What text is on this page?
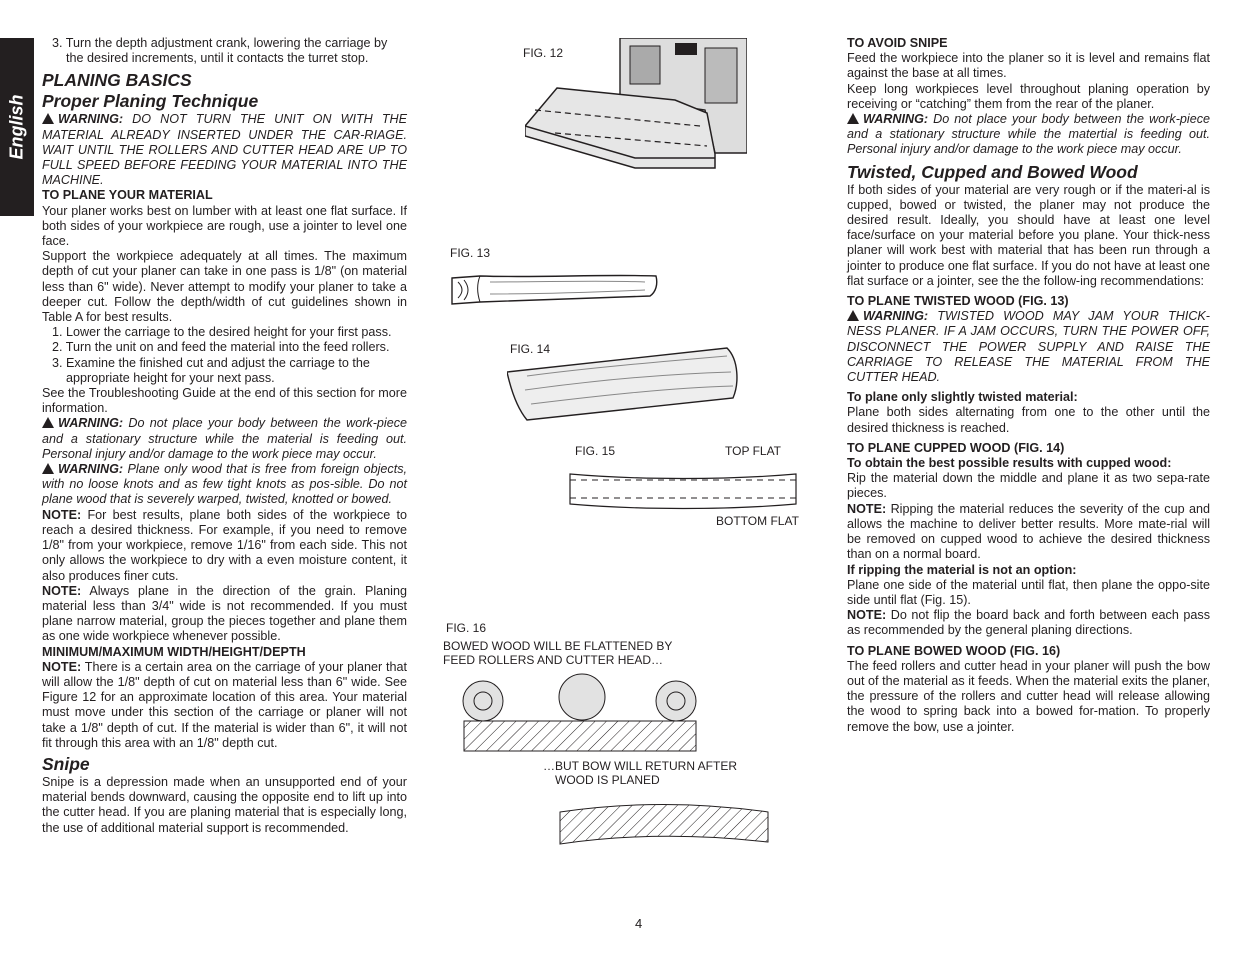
English

3. Turn the depth adjustment crank, lowering the carriage by the desired increments, until it contacts the turret stop.

PLANING BASICS

Proper Planing Technique

WARNING: DO NOT TURN THE UNIT ON WITH THE MATERIAL ALREADY INSERTED UNDER THE CAR-RIAGE. WAIT UNTIL THE ROLLERS AND CUTTER HEAD ARE UP TO FULL SPEED BEFORE FEEDING YOUR MATERIAL INTO THE MACHINE.

TO PLANE YOUR MATERIAL

Your planer works best on lumber with at least one flat surface. If both sides of your workpiece are rough, use a jointer to level one face.

Support the workpiece adequately at all times. The maximum depth of cut your planer can take in one pass is 1/8" (on material less than 6" wide). Never attempt to modify your planer to take a deeper cut. Follow the depth/width of cut guidelines shown in Table A for best results.

1. Lower the carriage to the desired height for your first pass.

2. Turn the unit on and feed the material into the feed rollers.

3. Examine the finished cut and adjust the carriage to the appropriate height for your next pass.

See the Troubleshooting Guide at the end of this section for more information.

WARNING: Do not place your body between the work-piece and a stationary structure while the material is feeding out. Personal injury and/or damage to the work piece may occur.

WARNING: Plane only wood that is free from foreign objects, with no loose knots and as few tight knots as pos-sible. Do not plane wood that is severely warped, twisted, knotted or bowed.

NOTE: For best results, plane both sides of the workpiece to reach a desired thickness. For example, if you need to remove 1/8" from your workpiece, remove 1/16" from each side. This not only allows the workpiece to dry with a even moisture content, it also produces finer cuts.

NOTE: Always plane in the direction of the grain. Planing material less than 3/4" wide is not recommended. If you must plane narrow material, group the pieces together and plane them as one wide workpiece whenever possible.

MINIMUM/MAXIMUM WIDTH/HEIGHT/DEPTH

NOTE: There is a certain area on the carriage of your planer that will allow the 1/8" depth of cut on material less than 6" wide. See Figure 12 for an approximate location of this area. Your material must move under this section of the carriage or planer will not take a 1/8" depth of cut. If the material is wider than 6", it will not fit through this area with an 1/8" depth cut.

Snipe

Snipe is a depression made when an unsupported end of your material bends downward, causing the opposite end to lift up into the cutter head. If you are planing material that is especially long, the use of additional material support is recommended.

FIG. 12
FIG. 13
FIG. 14
FIG. 15	TOP FLAT
BOTTOM FLAT
FIG. 16
BOWED WOOD WILL BE FLATTENED BY
FEED ROLLERS AND CUTTER HEAD…
…BUT BOW WILL RETURN AFTER
WOOD IS PLANED

TO AVOID SNIPE

Feed the workpiece into the planer so it is level and remains flat against the base at all times.

Keep long workpieces level throughout planing operation by receiving or “catching” them from the rear of the planer.

WARNING: Do not place your body between the work-piece and a stationary structure while the matertial is feeding out. Personal injury and/or damage to the work piece may occur.

Twisted, Cupped and Bowed Wood

If both sides of your material are very rough or if the materi-al is cupped, bowed or twisted, the planer may not produce the desired result. Ideally, you should have at least one level face/surface on your material before you plane. Your thick-ness planer will work best with material that has been run through a jointer to produce one flat surface. If you do not have at least one flat surface or a jointer, see the the follow-ing recommendations:

TO PLANE TWISTED WOOD (FIG. 13)

WARNING: TWISTED WOOD MAY JAM YOUR THICK-NESS PLANER. IF A JAM OCCURS, TURN THE POWER OFF, DISCONNECT THE POWER SUPPLY AND RAISE THE CARRIAGE TO RELEASE THE MATERIAL FROM THE CUTTER HEAD.

To plane only slightly twisted material:

Plane both sides alternating from one to the other until the desired thickness is reached.

TO PLANE CUPPED WOOD (FIG. 14)

To obtain the best possible results with cupped wood:

Rip the material down the middle and plane it as two sepa-rate pieces.

NOTE: Ripping the material reduces the severity of the cup and allows the machine to deliver better results. More mate-rial will be removed on cupped wood to achieve the desired thickness than on a normal board.

If ripping the material is not an option:

Plane one side of the material until flat, then plane the oppo-site side until flat (Fig. 15).

NOTE: Do not flip the board back and forth between each pass as recommended by the general planing directions.

TO PLANE BOWED WOOD (FIG. 16)

The feed rollers and cutter head in your planer will push the bow out of the material as it feeds. When the material exits the planer, the pressure of the rollers and cutter head will release allowing the wood to spring back into a bowed for-mation. To properly remove the bow, use a jointer.

4
